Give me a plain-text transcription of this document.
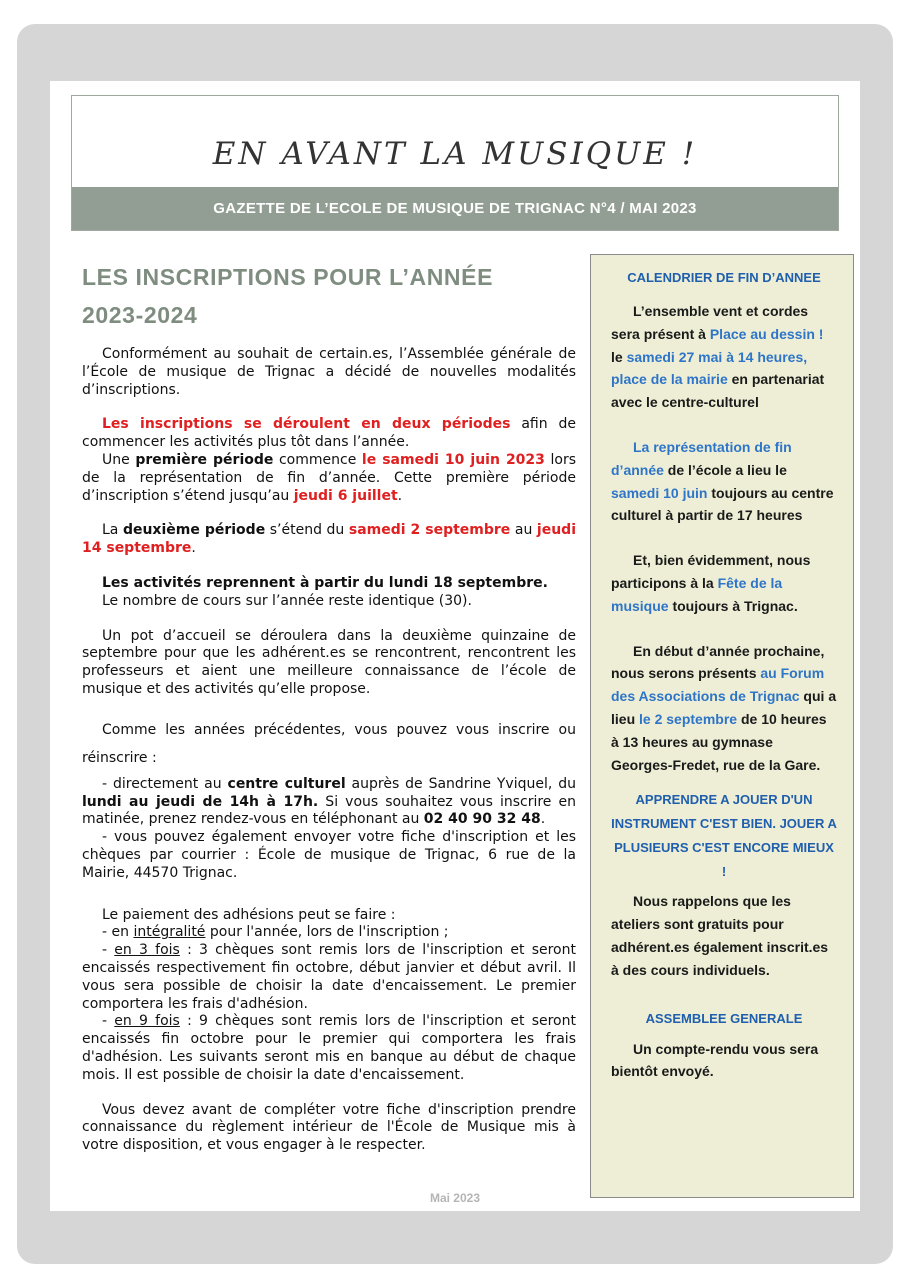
EN AVANT LA MUSIQUE !
GAZETTE DE L’ECOLE DE MUSIQUE DE TRIGNAC N°4 / MAI 2023
LES INSCRIPTIONS POUR L’ANNÉE
2023-2024

Conformément au souhait de certain.es, l’Assemblée générale de l’École de musique de Trignac a décidé de nouvelles modalités d’inscriptions.

Les inscriptions se déroulent en deux périodes afin de commencer les activités plus tôt dans l’année.

Une première période commence le samedi 10 juin 2023 lors de la représentation de fin d’année. Cette première période d’inscription s’étend jusqu’au jeudi 6 juillet.

La deuxième période s’étend du samedi 2 septembre au jeudi 14 septembre.

Les activités reprennent à partir du lundi 18 septembre.

Le nombre de cours sur l’année reste identique (30).

Un pot d’accueil se déroulera dans la deuxième quinzaine de septembre pour que les adhérent.es se rencontrent, rencontrent les professeurs et aient une meilleure connaissance de l’école de musique et des activités qu’elle propose.

Comme les années précédentes, vous pouvez vous inscrire ou réinscrire :

- directement au centre culturel auprès de Sandrine Yviquel, du lundi au jeudi de 14h à 17h. Si vous souhaitez vous inscrire en matinée, prenez rendez-vous en téléphonant au 02 40 90 32 48.

- vous pouvez également envoyer votre fiche d'inscription et les chèques par courrier : École de musique de Trignac, 6 rue de la Mairie, 44570 Trignac.

Le paiement des adhésions peut se faire :

- en intégralité pour l'année, lors de l'inscription ;

- en 3 fois : 3 chèques sont remis lors de l'inscription et seront encaissés respectivement fin octobre, début janvier et début avril. Il vous sera possible de choisir la date d'encaissement. Le premier comportera les frais d'adhésion.

- en 9 fois : 9 chèques sont remis lors de l'inscription et seront encaissés fin octobre pour le premier qui comportera les frais d'adhésion. Les suivants seront mis en banque au début de chaque mois. Il est possible de choisir la date d'encaissement.

Vous devez avant de compléter votre fiche d'inscription prendre connaissance du règlement intérieur de l'École de Musique mis à votre disposition, et vous engager à le respecter.

CALENDRIER DE FIN D’ANNEE

L’ensemble vent et cordes sera présent à Place au dessin ! le samedi 27 mai à 14 heures, place de la mairie en partenariat avec le centre-culturel

La représentation de fin d’année de l’école a lieu le samedi 10 juin toujours au centre culturel à partir de 17 heures

Et, bien évidemment, nous participons à la Fête de la musique toujours à Trignac.

En début d’année prochaine, nous serons présents au Forum des Associations de Trignac qui a lieu le 2 septembre de 10 heures à 13 heures au gymnase Georges-Fredet, rue de la Gare.

APPRENDRE A JOUER D'UN INSTRUMENT C'EST BIEN. JOUER A PLUSIEURS C'EST ENCORE MIEUX !

Nous rappelons que les ateliers sont gratuits pour adhérent.es également inscrit.es à des cours individuels.

ASSEMBLEE GENERALE

Un compte-rendu vous sera bientôt envoyé.

Mai 2023
